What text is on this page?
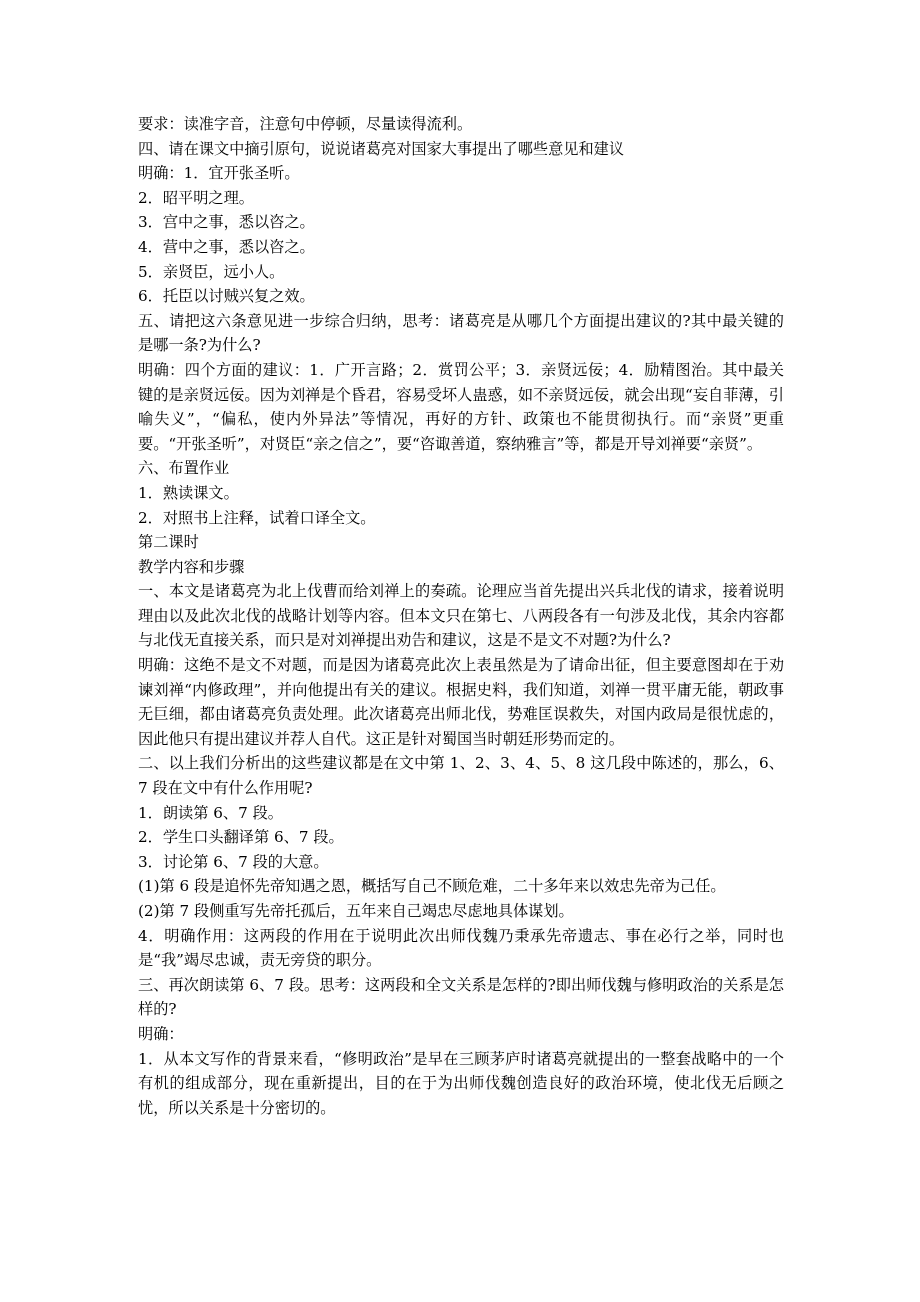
要求：读准字音，注意句中停顿，尽量读得流利。

四、请在课文中摘引原句，说说诸葛亮对国家大事提出了哪些意见和建议

明确：1．宜开张圣听。

2．昭平明之理。

3．宫中之事，悉以咨之。

4．营中之事，悉以咨之。

5．亲贤臣，远小人。

6．托臣以讨贼兴复之效。

五、请把这六条意见进一步综合归纳，思考：诸葛亮是从哪几个方面提出建议的?其中最关键的是哪一条?为什么?

明确：四个方面的建议：1．广开言路；2．赏罚公平；3．亲贤远佞；4．励精图治。其中最关键的是亲贤远佞。因为刘禅是个昏君，容易受坏人蛊惑，如不亲贤远佞，就会出现“妄自菲薄，引喻失义”，“偏私，使内外异法”等情况，再好的方针、政策也不能贯彻执行。而“亲贤”更重要。“开张圣听”，对贤臣“亲之信之”，要“咨诹善道，察纳雅言”等，都是开导刘禅要“亲贤”。

六、布置作业

1．熟读课文。

2．对照书上注释，试着口译全文。

第二课时

教学内容和步骤

一、本文是诸葛亮为北上伐曹而给刘禅上的奏疏。论理应当首先提出兴兵北伐的请求，接着说明理由以及此次北伐的战略计划等内容。但本文只在第七、八两段各有一句涉及北伐，其余内容都与北伐无直接关系，而只是对刘禅提出劝告和建议，这是不是文不对题?为什么?

明确：这绝不是文不对题，而是因为诸葛亮此次上表虽然是为了请命出征，但主要意图却在于劝谏刘禅“内修政理”，并向他提出有关的建议。根据史料，我们知道，刘禅一贯平庸无能，朝政事无巨细，都由诸葛亮负责处理。此次诸葛亮出师北伐，势难匡误救失，对国内政局是很忧虑的，因此他只有提出建议并荐人自代。这正是针对蜀国当时朝廷形势而定的。

二、以上我们分析出的这些建议都是在文中第 1、2、3、4、5、8 这几段中陈述的，那么，6、7 段在文中有什么作用呢?

1．朗读第 6、7 段。

2．学生口头翻译第 6、7 段。

3．讨论第 6、7 段的大意。

(1)第 6 段是追怀先帝知遇之恩，概括写自己不顾危难，二十多年来以效忠先帝为己任。

(2)第 7 段侧重写先帝托孤后，五年来自己竭忠尽虑地具体谋划。

4．明确作用：这两段的作用在于说明此次出师伐魏乃秉承先帝遗志、事在必行之举，同时也是“我”竭尽忠诚，责无旁贷的职分。

三、再次朗读第 6、7 段。思考：这两段和全文关系是怎样的?即出师伐魏与修明政治的关系是怎样的?

明确：

1．从本文写作的背景来看，“修明政治”是早在三顾茅庐时诸葛亮就提出的一整套战略中的一个有机的组成部分，现在重新提出，目的在于为出师伐魏创造良好的政治环境，使北伐无后顾之忧，所以关系是十分密切的。
